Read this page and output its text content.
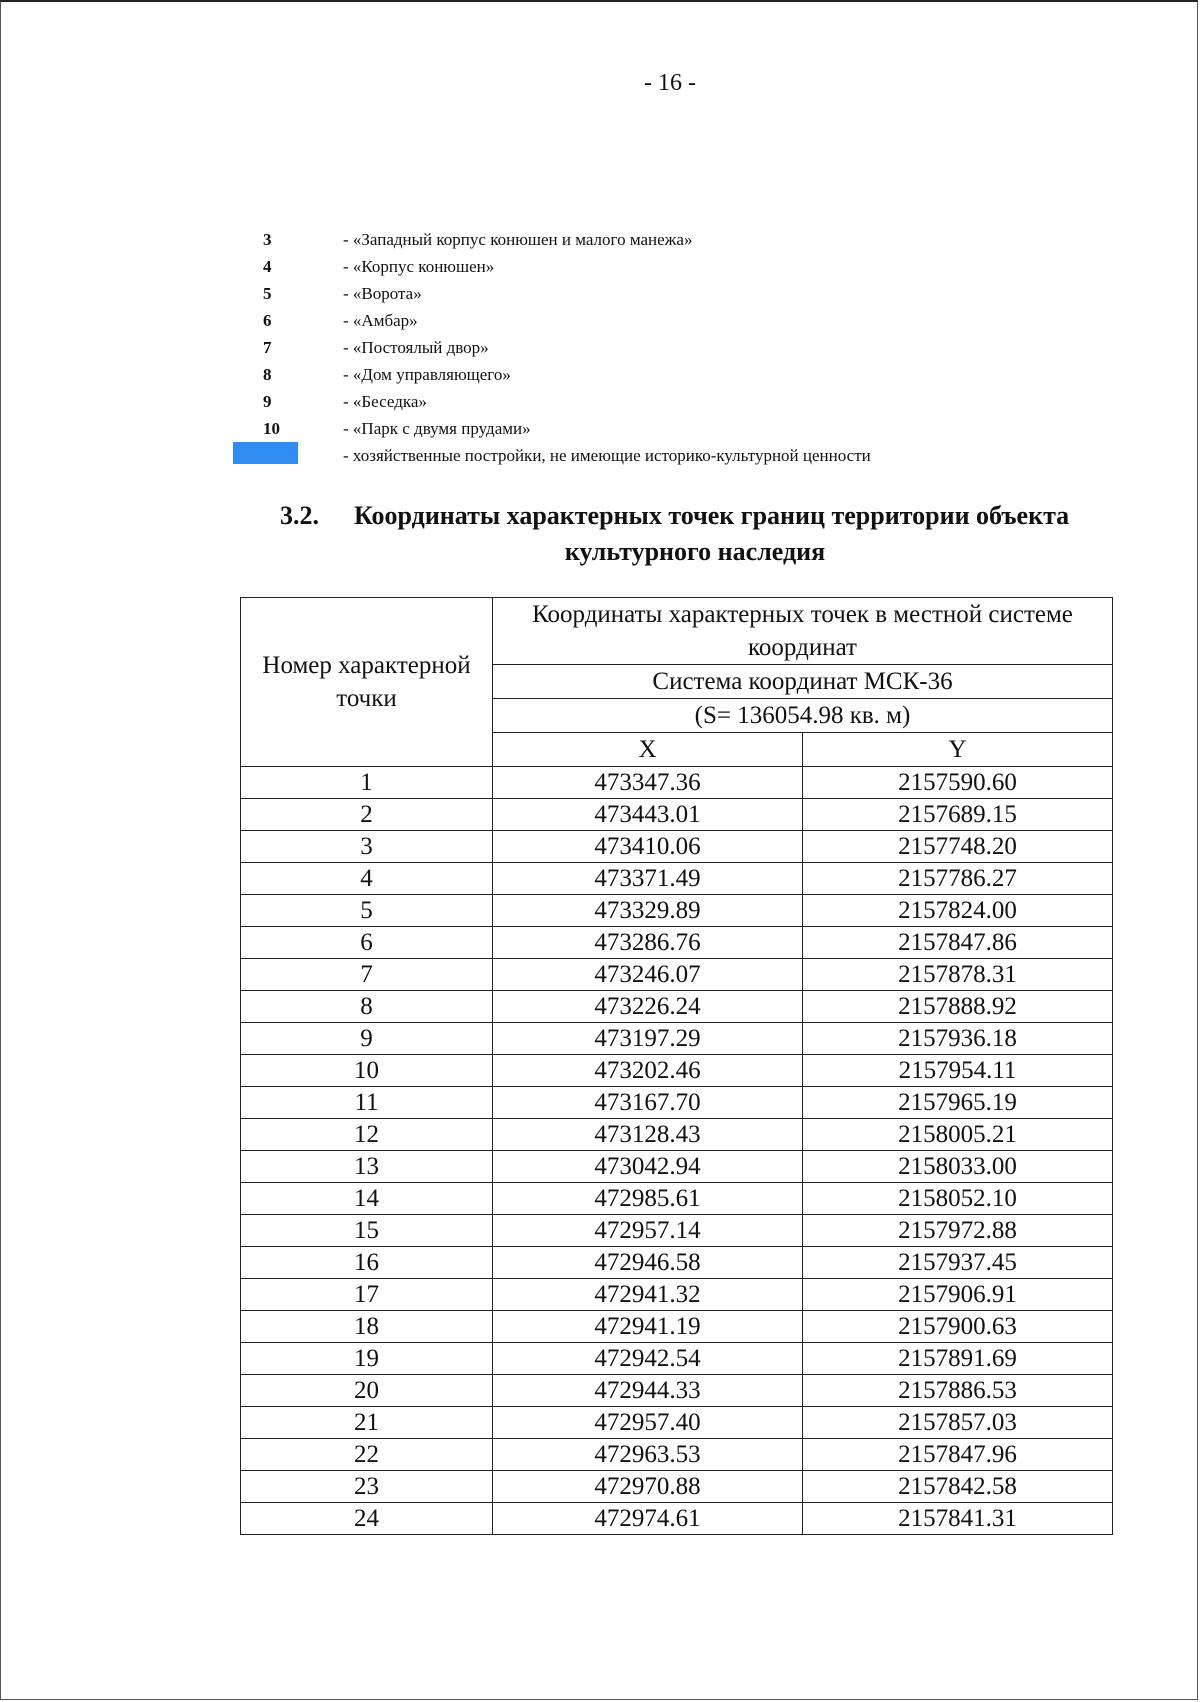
- 16 -
3	- «Западный корпус конюшен и малого манежа»
4	- «Корпус конюшен»
5	- «Ворота»
6	- «Амбар»
7	- «Постоялый двор»
8	- «Дом управляющего»
9	- «Беседка»
10	- «Парк с двумя прудами»
- хозяйственные постройки, не имеющие историко-культурной ценности
3.2. Координаты характерных точек границ территории объекта
культурного наследия
Номер характерной точки	Координаты характерных точек в местной системе координат	
	Система координат МСК-36	
	(S= 136054.98 кв. м)	
	X	Y
1	473347.36	2157590.60
2	473443.01	2157689.15
3	473410.06	2157748.20
4	473371.49	2157786.27
5	473329.89	2157824.00
6	473286.76	2157847.86
7	473246.07	2157878.31
8	473226.24	2157888.92
9	473197.29	2157936.18
10	473202.46	2157954.11
11	473167.70	2157965.19
12	473128.43	2158005.21
13	473042.94	2158033.00
14	472985.61	2158052.10
15	472957.14	2157972.88
16	472946.58	2157937.45
17	472941.32	2157906.91
18	472941.19	2157900.63
19	472942.54	2157891.69
20	472944.33	2157886.53
21	472957.40	2157857.03
22	472963.53	2157847.96
23	472970.88	2157842.58
24	472974.61	2157841.31
